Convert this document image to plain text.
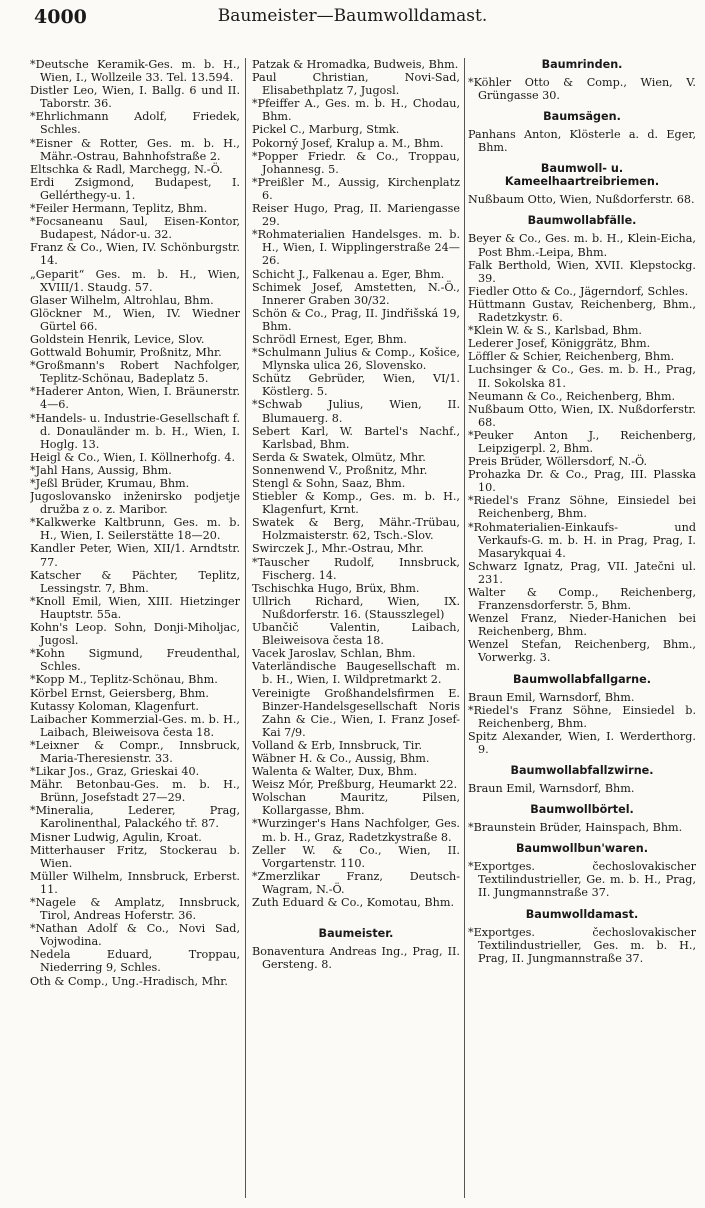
4000	Baumeister—Baumwolldamast.
*Deutsche Keramik-Ges. m. b. H., Wien, I., Wollzeile 33. Tel. 13.594.
Distler Leo, Wien, I. Ballg. 6 und II. Taborstr. 36.
*Ehrlichmann Adolf, Friedek, Schles.
*Eisner & Rotter, Ges. m. b. H., Mähr.-Ostrau, Bahnhofstraße 2.
Eltschka & Radl, Marchegg, N.-Ö.
Erdi Zsigmond, Budapest, I. Gellérthegy-u. 1.
*Feiler Hermann, Teplitz, Bhm.
*Focsaneanu Saul, Eisen-Kontor, Budapest, Nádor-u. 32.
Franz & Co., Wien, IV. Schönburgstr. 14.
„Geparit“ Ges. m. b. H., Wien, XVIII/1. Staudg. 57.
Glaser Wilhelm, Altrohlau, Bhm.
Glöckner M., Wien, IV. Wiedner Gürtel 66.
Goldstein Henrik, Levice, Slov.
Gottwald Bohumir, Proßnitz, Mhr.
*Großmann's Robert Nachfolger, Teplitz-Schönau, Badeplatz 5.
*Haderer Anton, Wien, I. Bräunerstr. 4—6.
*Handels- u. Industrie-Gesellschaft f. d. Donauländer m. b. H., Wien, I. Hoglg. 13.
Heigl & Co., Wien, I. Köllnerhofg. 4.
*Jahl Hans, Aussig, Bhm.
*Jeßl Brüder, Krumau, Bhm.
Jugoslovansko inženirsko podjetje družba z o. z. Maribor.
*Kalkwerke Kaltbrunn, Ges. m. b. H., Wien, I. Seilerstätte 18—20.
Kandler Peter, Wien, XII/1. Arndtstr. 77.
Katscher & Pächter, Teplitz, Lessingstr. 7, Bhm.
*Knoll Emil, Wien, XIII. Hietzinger Hauptstr. 55a.
Kohn's Leop. Sohn, Donji-Miholjac, Jugosl.
*Kohn Sigmund, Freudenthal, Schles.
*Kopp M., Teplitz-Schönau, Bhm.
Körbel Ernst, Geiersberg, Bhm.
Kutassy Koloman, Klagenfurt.
Laibacher Kommerzial-Ges. m. b. H., Laibach, Bleiweisova česta 18.
*Leixner & Compr., Innsbruck, Maria-Theresienstr. 33.
*Likar Jos., Graz, Grieskai 40.
Mähr. Betonbau-Ges. m. b. H., Brünn, Josefstadt 27—29.
*Mineralia, Lederer, Prag, Karolinenthal, Palackého tř. 87.
Misner Ludwig, Agulin, Kroat.
Mitterhauser Fritz, Stockerau b. Wien.
Müller Wilhelm, Innsbruck, Erberst. 11.
*Nagele & Amplatz, Innsbruck, Tirol, Andreas Hoferstr. 36.
*Nathan Adolf & Co., Novi Sad, Vojwodina.
Nedela Eduard, Troppau, Niederring 9, Schles.
Oth & Comp., Ung.-Hradisch, Mhr.
Patzak & Hromadka, Budweis, Bhm.
Paul Christian, Novi-Sad, Elisabethplatz 7, Jugosl.
*Pfeiffer A., Ges. m. b. H., Chodau, Bhm.
Pickel C., Marburg, Stmk.
Pokorný Josef, Kralup a. M., Bhm.
*Popper Friedr. & Co., Troppau, Johannesg. 5.
*Preißler M., Aussig, Kirchenplatz 6.
Reiser Hugo, Prag, II. Mariengasse 29.
*Rohmaterialien Handelsges. m. b. H., Wien, I. Wipplingerstraße 24—26.
Schicht J., Falkenau a. Eger, Bhm.
Schimek Josef, Amstetten, N.-Ö., Innerer Graben 30/32.
Schön & Co., Prag, II. Jindřišská 19, Bhm.
Schrödl Ernest, Eger, Bhm.
*Schulmann Julius & Comp., Košice, Mlynska ulica 26, Slovensko.
Schütz Gebrüder, Wien, VI/1. Köstlerg. 5.
*Schwab Julius, Wien, II. Blumauerg. 8.
Sebert Karl, W. Bartel's Nachf., Karlsbad, Bhm.
Serda & Swatek, Olmütz, Mhr.
Sonnenwend V., Proßnitz, Mhr.
Stengl & Sohn, Saaz, Bhm.
Stiebler & Komp., Ges. m. b. H., Klagenfurt, Krnt.
Swatek & Berg, Mähr.-Trübau, Holzmaisterstr. 62, Tsch.-Slov.
Swirczek J., Mhr.-Ostrau, Mhr.
*Tauscher Rudolf, Innsbruck, Fischerg. 14.
Tschischka Hugo, Brüx, Bhm.
Ullrich Richard, Wien, IX. Nußdorferstr. 16. (Stausszlegel)
Ubančič Valentin, Laibach, Bleiweisova česta 18.
Vacek Jaroslav, Schlan, Bhm.
Vaterländische Baugesellschaft m. b. H., Wien, I. Wildpretmarkt 2.
Vereinigte Großhandelsfirmen E. Binzer-Handelsgesellschaft Noris Zahn & Cie., Wien, I. Franz Josef-Kai 7/9.
Volland & Erb, Innsbruck, Tir.
Wäbner H. & Co., Aussig, Bhm.
Walenta & Walter, Dux, Bhm.
Weisz Mór, Preßburg, Heumarkt 22.
Wolschan Mauritz, Pilsen, Kollargasse, Bhm.
*Wurzinger's Hans Nachfolger, Ges. m. b. H., Graz, Radetzkystraße 8.
Zeller W. & Co., Wien, II. Vorgartenstr. 110.
*Zmerzlikar Franz, Deutsch-Wagram, N.-Ö.
Zuth Eduard & Co., Komotau, Bhm.
Baumeister.
Bonaventura Andreas Ing., Prag, II. Gersteng. 8.
Baumrinden.
*Köhler Otto & Comp., Wien, V. Grüngasse 30.
Baumsägen.
Panhans Anton, Klösterle a. d. Eger, Bhm.
Baumwoll- u. Kameelhaartreibriemen.
Nußbaum Otto, Wien, Nußdorferstr. 68.
Baumwollabfälle.
Beyer & Co., Ges. m. b. H., Klein-Eicha, Post Bhm.-Leipa, Bhm.
Falk Berthold, Wien, XVII. Klepstockg. 39.
Fiedler Otto & Co., Jägerndorf, Schles.
Hüttmann Gustav, Reichenberg, Bhm., Radetzkystr. 6.
*Klein W. & S., Karlsbad, Bhm.
Lederer Josef, Königgrätz, Bhm.
Löffler & Schier, Reichenberg, Bhm.
Luchsinger & Co., Ges. m. b. H., Prag, II. Sokolska 81.
Neumann & Co., Reichenberg, Bhm.
Nußbaum Otto, Wien, IX. Nußdorferstr. 68.
*Peuker Anton J., Reichenberg, Leipzigerpl. 2, Bhm.
Preis Brüder, Wöllersdorf, N.-Ö.
Prohazka Dr. & Co., Prag, III. Plasska 10.
*Riedel's Franz Söhne, Einsiedel bei Reichenberg, Bhm.
*Rohmaterialien-Einkaufs- und Verkaufs-G. m. b. H. in Prag, Prag, I. Masarykquai 4.
Schwarz Ignatz, Prag, VII. Jatečni ul. 231.
Walter & Comp., Reichenberg, Franzensdorferstr. 5, Bhm.
Wenzel Franz, Nieder-Hanichen bei Reichenberg, Bhm.
Wenzel Stefan, Reichenberg, Bhm., Vorwerkg. 3.
Baumwollabfallgarne.
Braun Emil, Warnsdorf, Bhm.
*Riedel's Franz Söhne, Einsiedel b. Reichenberg, Bhm.
Spitz Alexander, Wien, I. Werderthorg. 9.
Baumwollabfallzwirne.
Braun Emil, Warnsdorf, Bhm.
Baumwollbörtel.
*Braunstein Brüder, Hainspach, Bhm.
Baumwollbun'waren.
*Exportges. čechoslovakischer Textilindustrieller, Ge. m. b. H., Prag, II. Jungmannstraße 37.
Baumwolldamast.
*Exportges. čechoslovakischer Textilindustrieller, Ges. m. b. H., Prag, II. Jungmannstraße 37.
